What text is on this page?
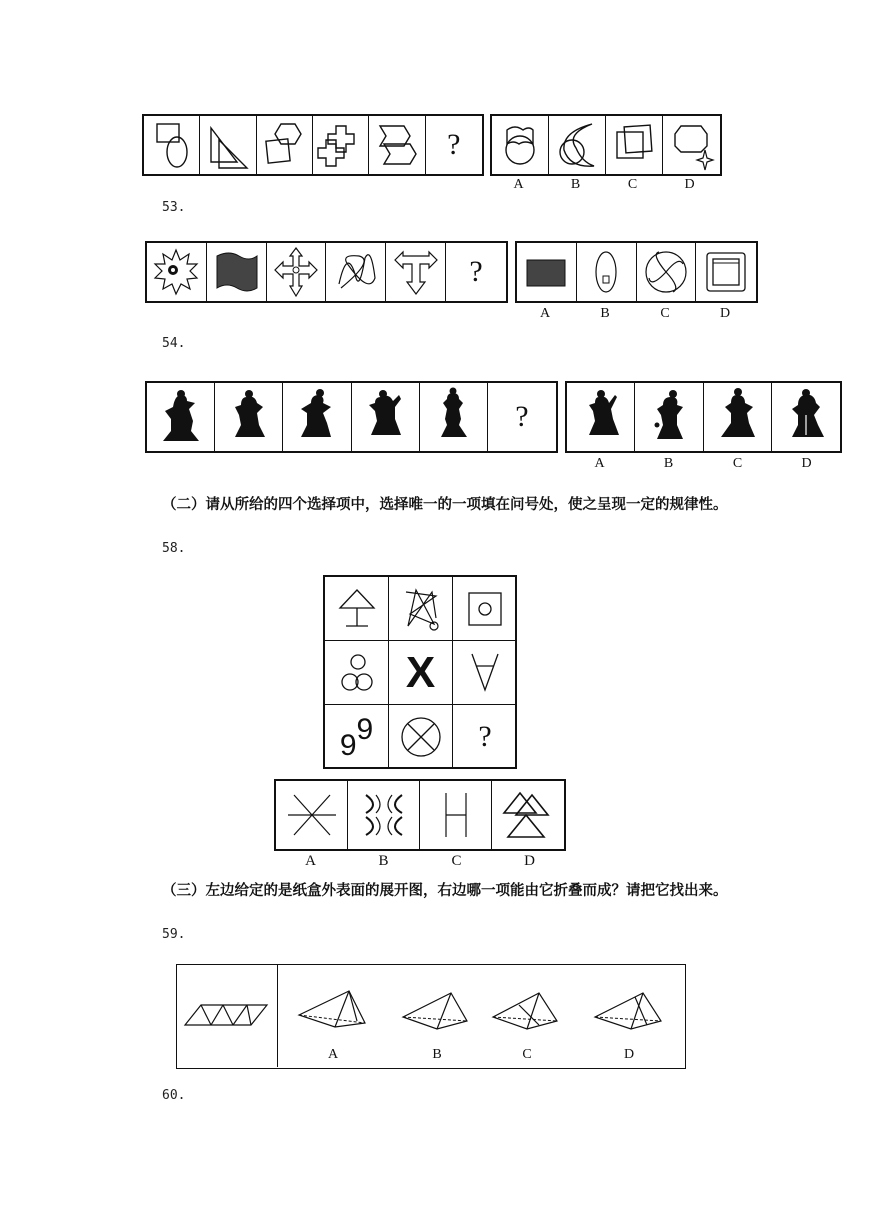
?
A	B	C	D
53.
?
A	B	C	D
54.
?
A	B	C	D
（二）请从所给的四个选择项中，选择唯一的一项填在问号处，使之呈现一定的规律性。
58.
X
9 9	?
A	B	C	D
（三）左边给定的是纸盒外表面的展开图，右边哪一项能由它折叠而成？请把它找出来。
59.
A	B	C	D
60.
